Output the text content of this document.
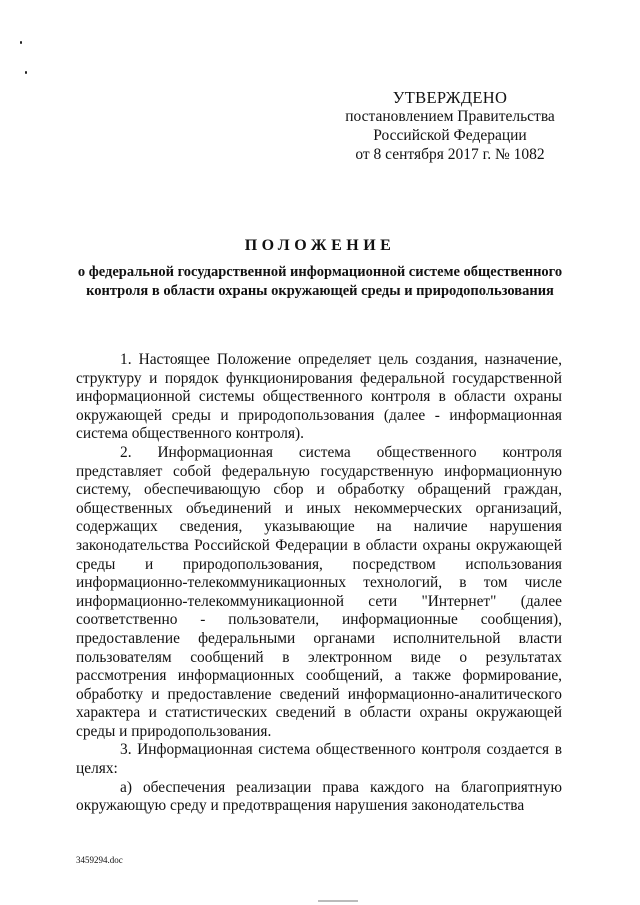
УТВЕРЖДЕНО
постановлением Правительства
Российской Федерации
от 8 сентября 2017 г. № 1082
ПОЛОЖЕНИЕ
о федеральной государственной информационной системе общественного контроля в области охраны окружающей среды и природопользования

1. Настоящее Положение определяет цель создания, назначение, структуру и порядок функционирования федеральной государственной информационной системы общественного контроля в области охраны окружающей среды и природопользования (далее - информационная система общественного контроля).

2. Информационная система общественного контроля представляет собой федеральную государственную информационную систему, обеспечивающую сбор и обработку обращений граждан, общественных объединений и иных некоммерческих организаций, содержащих сведения, указывающие на наличие нарушения законодательства Российской Федерации в области охраны окружающей среды и природопользования, посредством использования информационно-телекоммуникационных технологий, в том числе информационно-телекоммуникационной сети "Интернет" (далее соответственно - пользователи, информационные сообщения), предоставление федеральными органами исполнительной власти пользователям сообщений в электронном виде о результатах рассмотрения информационных сообщений, а также формирование, обработку и предоставление сведений информационно-аналитического характера и статистических сведений в области охраны окружающей среды и природопользования.

3. Информационная система общественного контроля создается в целях:

а) обеспечения реализации права каждого на благоприятную окружающую среду и предотвращения нарушения законодательства

3459294.doc
